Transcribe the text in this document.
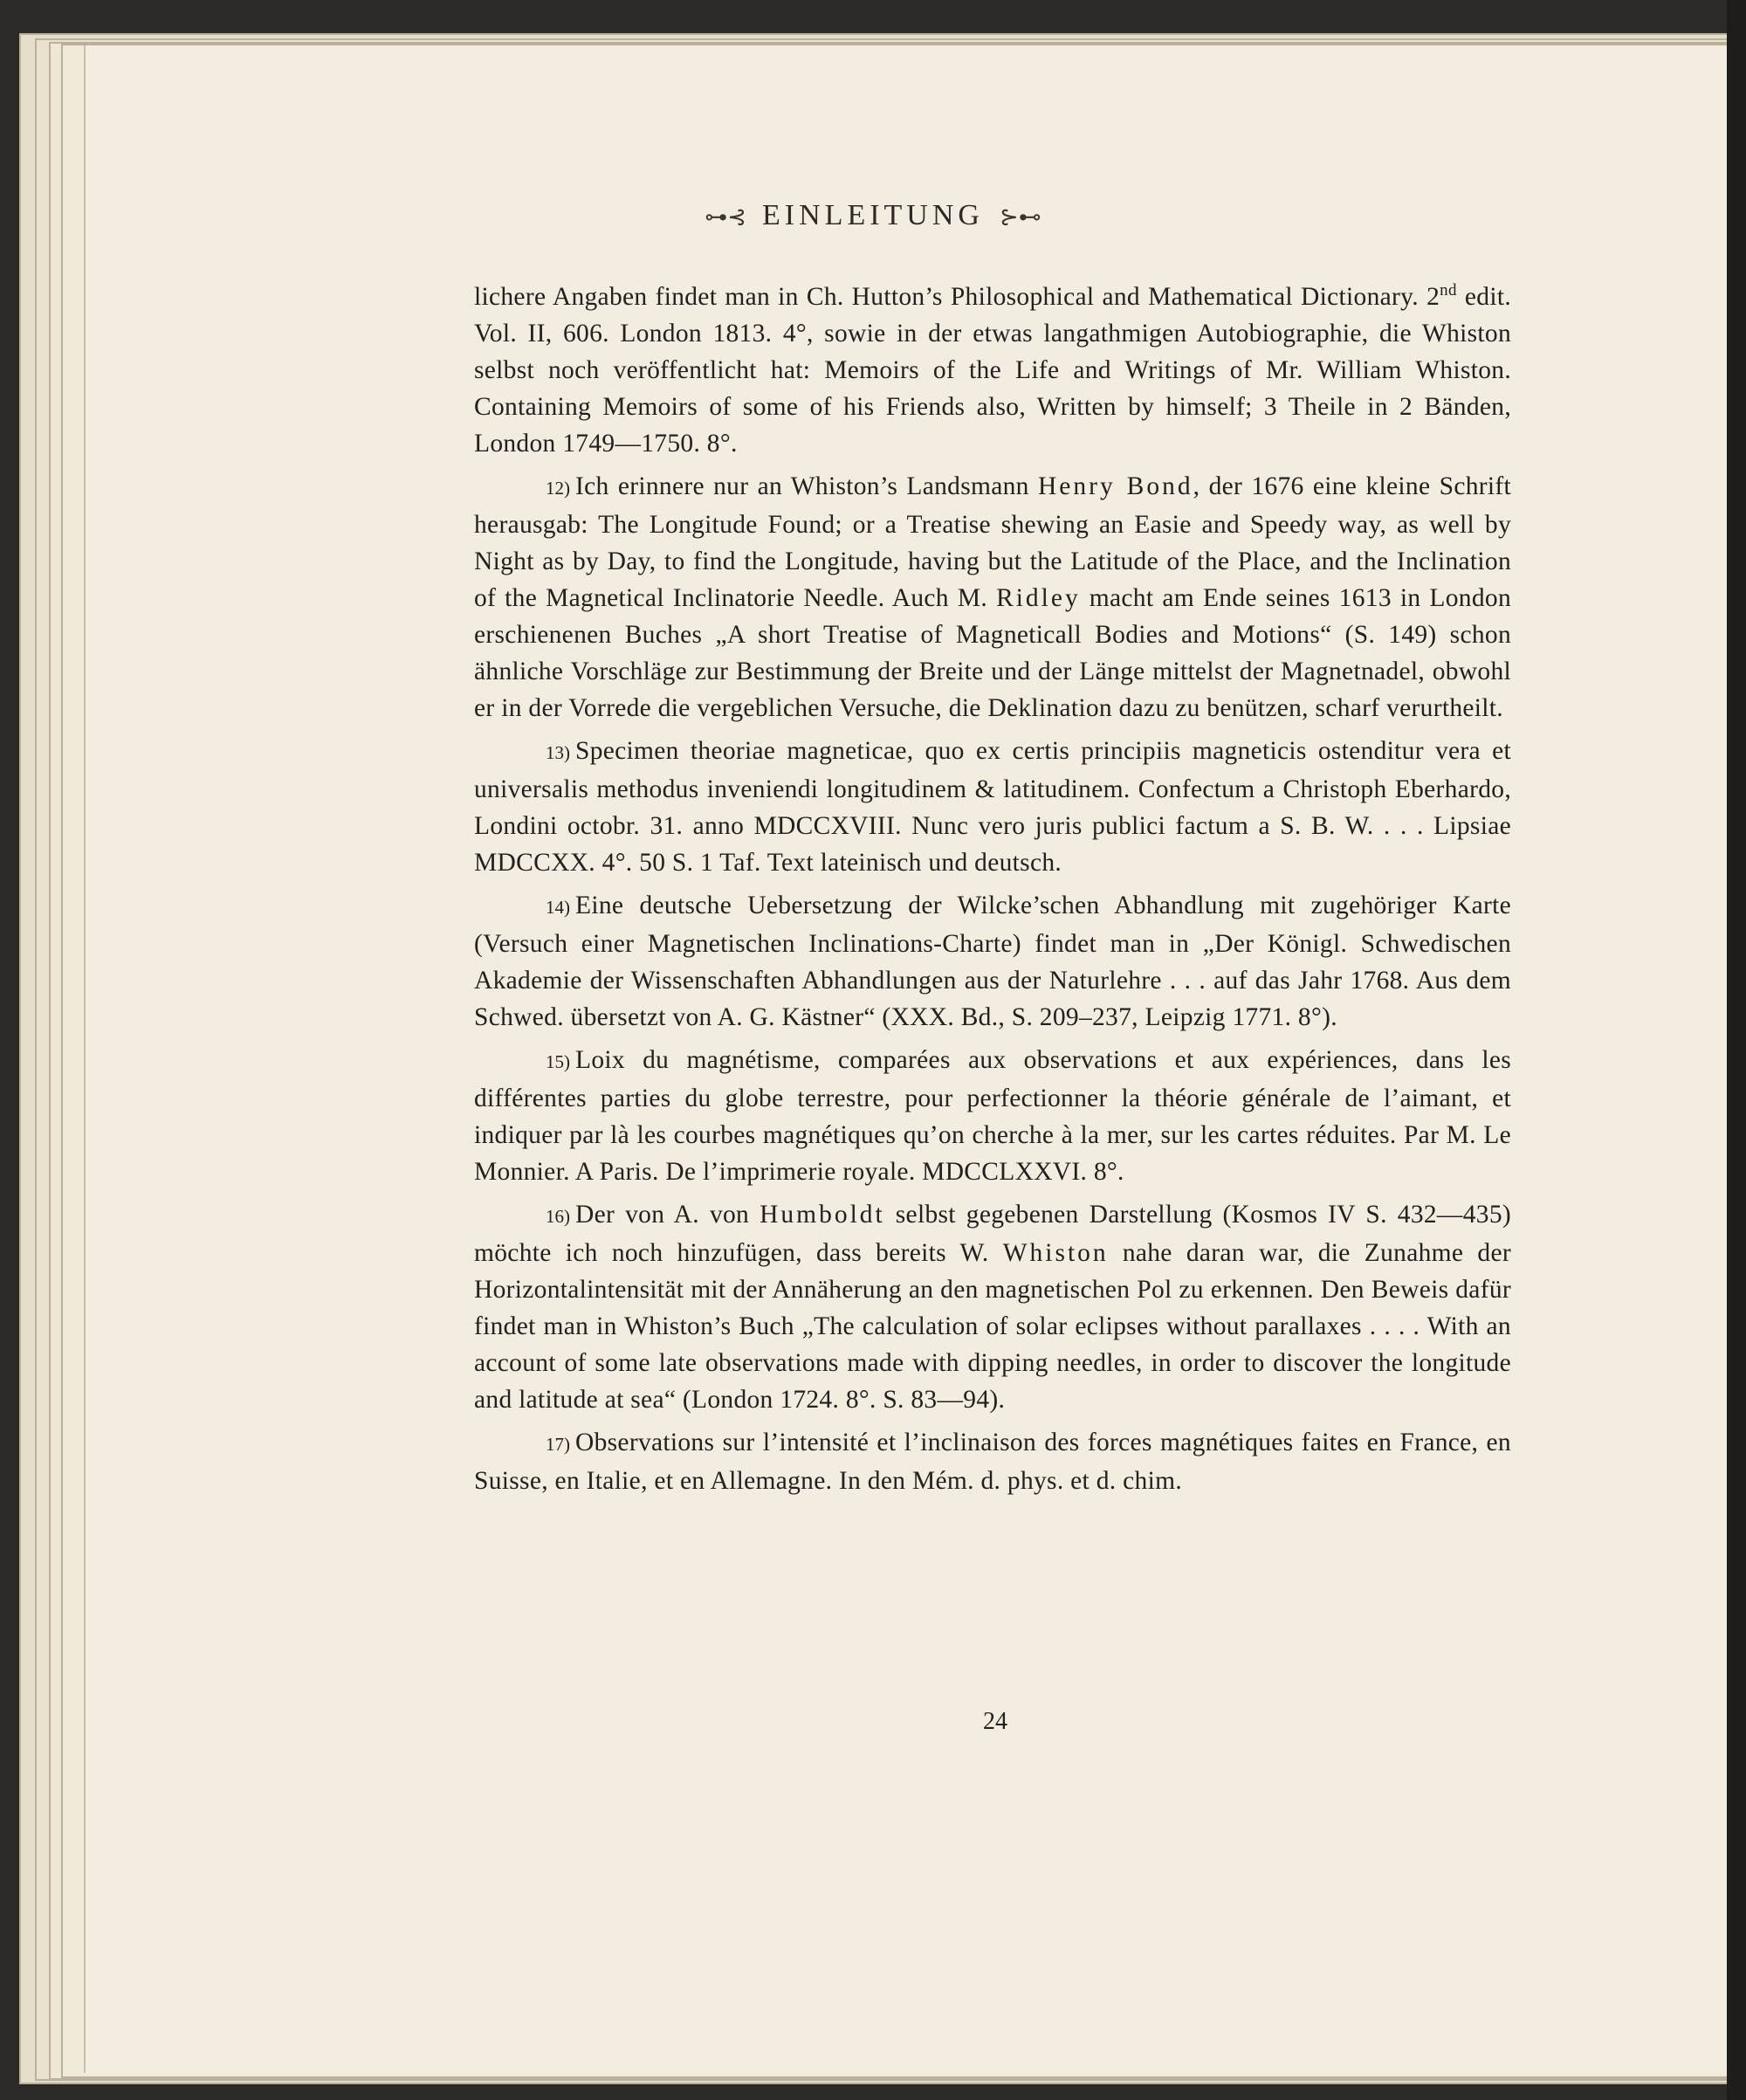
⊶⊰ EINLEITUNG ⊱⊷

lichere Angaben findet man in Ch. Hutton’s Philosophical and Mathematical Dictionary. 2nd edit. Vol. II, 606. London 1813. 4°, sowie in der etwas langathmigen Autobiographie, die Whiston selbst noch veröffentlicht hat: Memoirs of the Life and Writings of Mr. William Whiston. Containing Memoirs of some of his Friends also, Written by himself; 3 Theile in 2 Bänden, London 1749—1750. 8°.

12) Ich erinnere nur an Whiston’s Landsmann Henry Bond, der 1676 eine kleine Schrift herausgab: The Longitude Found; or a Treatise shewing an Easie and Speedy way, as well by Night as by Day, to find the Longitude, having but the Latitude of the Place, and the Inclination of the Magnetical Inclinatorie Needle. Auch M. Ridley macht am Ende seines 1613 in London erschienenen Buches „A short Treatise of Magneticall Bodies and Motions“ (S. 149) schon ähnliche Vorschläge zur Bestimmung der Breite und der Länge mittelst der Magnetnadel, obwohl er in der Vorrede die vergeblichen Versuche, die Deklination dazu zu benützen, scharf verurtheilt.

13) Specimen theoriae magneticae, quo ex certis principiis magneticis ostenditur vera et universalis methodus inveniendi longitudinem & latitudinem. Confectum a Christoph Eberhardo, Londini octobr. 31. anno MDCCXVIII. Nunc vero juris publici factum a S. B. W. . . . Lipsiae MDCCXX. 4°. 50 S. 1 Taf. Text lateinisch und deutsch.

14) Eine deutsche Uebersetzung der Wilcke’schen Abhandlung mit zugehöriger Karte (Versuch einer Magnetischen Inclinations-Charte) findet man in „Der Königl. Schwedischen Akademie der Wissenschaften Abhandlungen aus der Naturlehre . . . auf das Jahr 1768. Aus dem Schwed. übersetzt von A. G. Kästner“ (XXX. Bd., S. 209–237, Leipzig 1771. 8°).

15) Loix du magnétisme, comparées aux observations et aux expériences, dans les différentes parties du globe terrestre, pour perfectionner la théorie générale de l’aimant, et indiquer par là les courbes magnétiques qu’on cherche à la mer, sur les cartes réduites. Par M. Le Monnier. A Paris. De l’imprimerie royale. MDCCLXXVI. 8°.

16) Der von A. von Humboldt selbst gegebenen Darstellung (Kosmos IV S. 432—435) möchte ich noch hinzufügen, dass bereits W. Whiston nahe daran war, die Zunahme der Horizontalintensität mit der Annäherung an den magnetischen Pol zu erkennen. Den Beweis dafür findet man in Whiston’s Buch „The calculation of solar eclipses without parallaxes . . . . With an account of some late observations made with dipping needles, in order to discover the longitude and latitude at sea“ (London 1724. 8°. S. 83—94).

17) Observations sur l’intensité et l’inclinaison des forces magnétiques faites en France, en Suisse, en Italie, et en Allemagne. In den Mém. d. phys. et d. chim.

24
